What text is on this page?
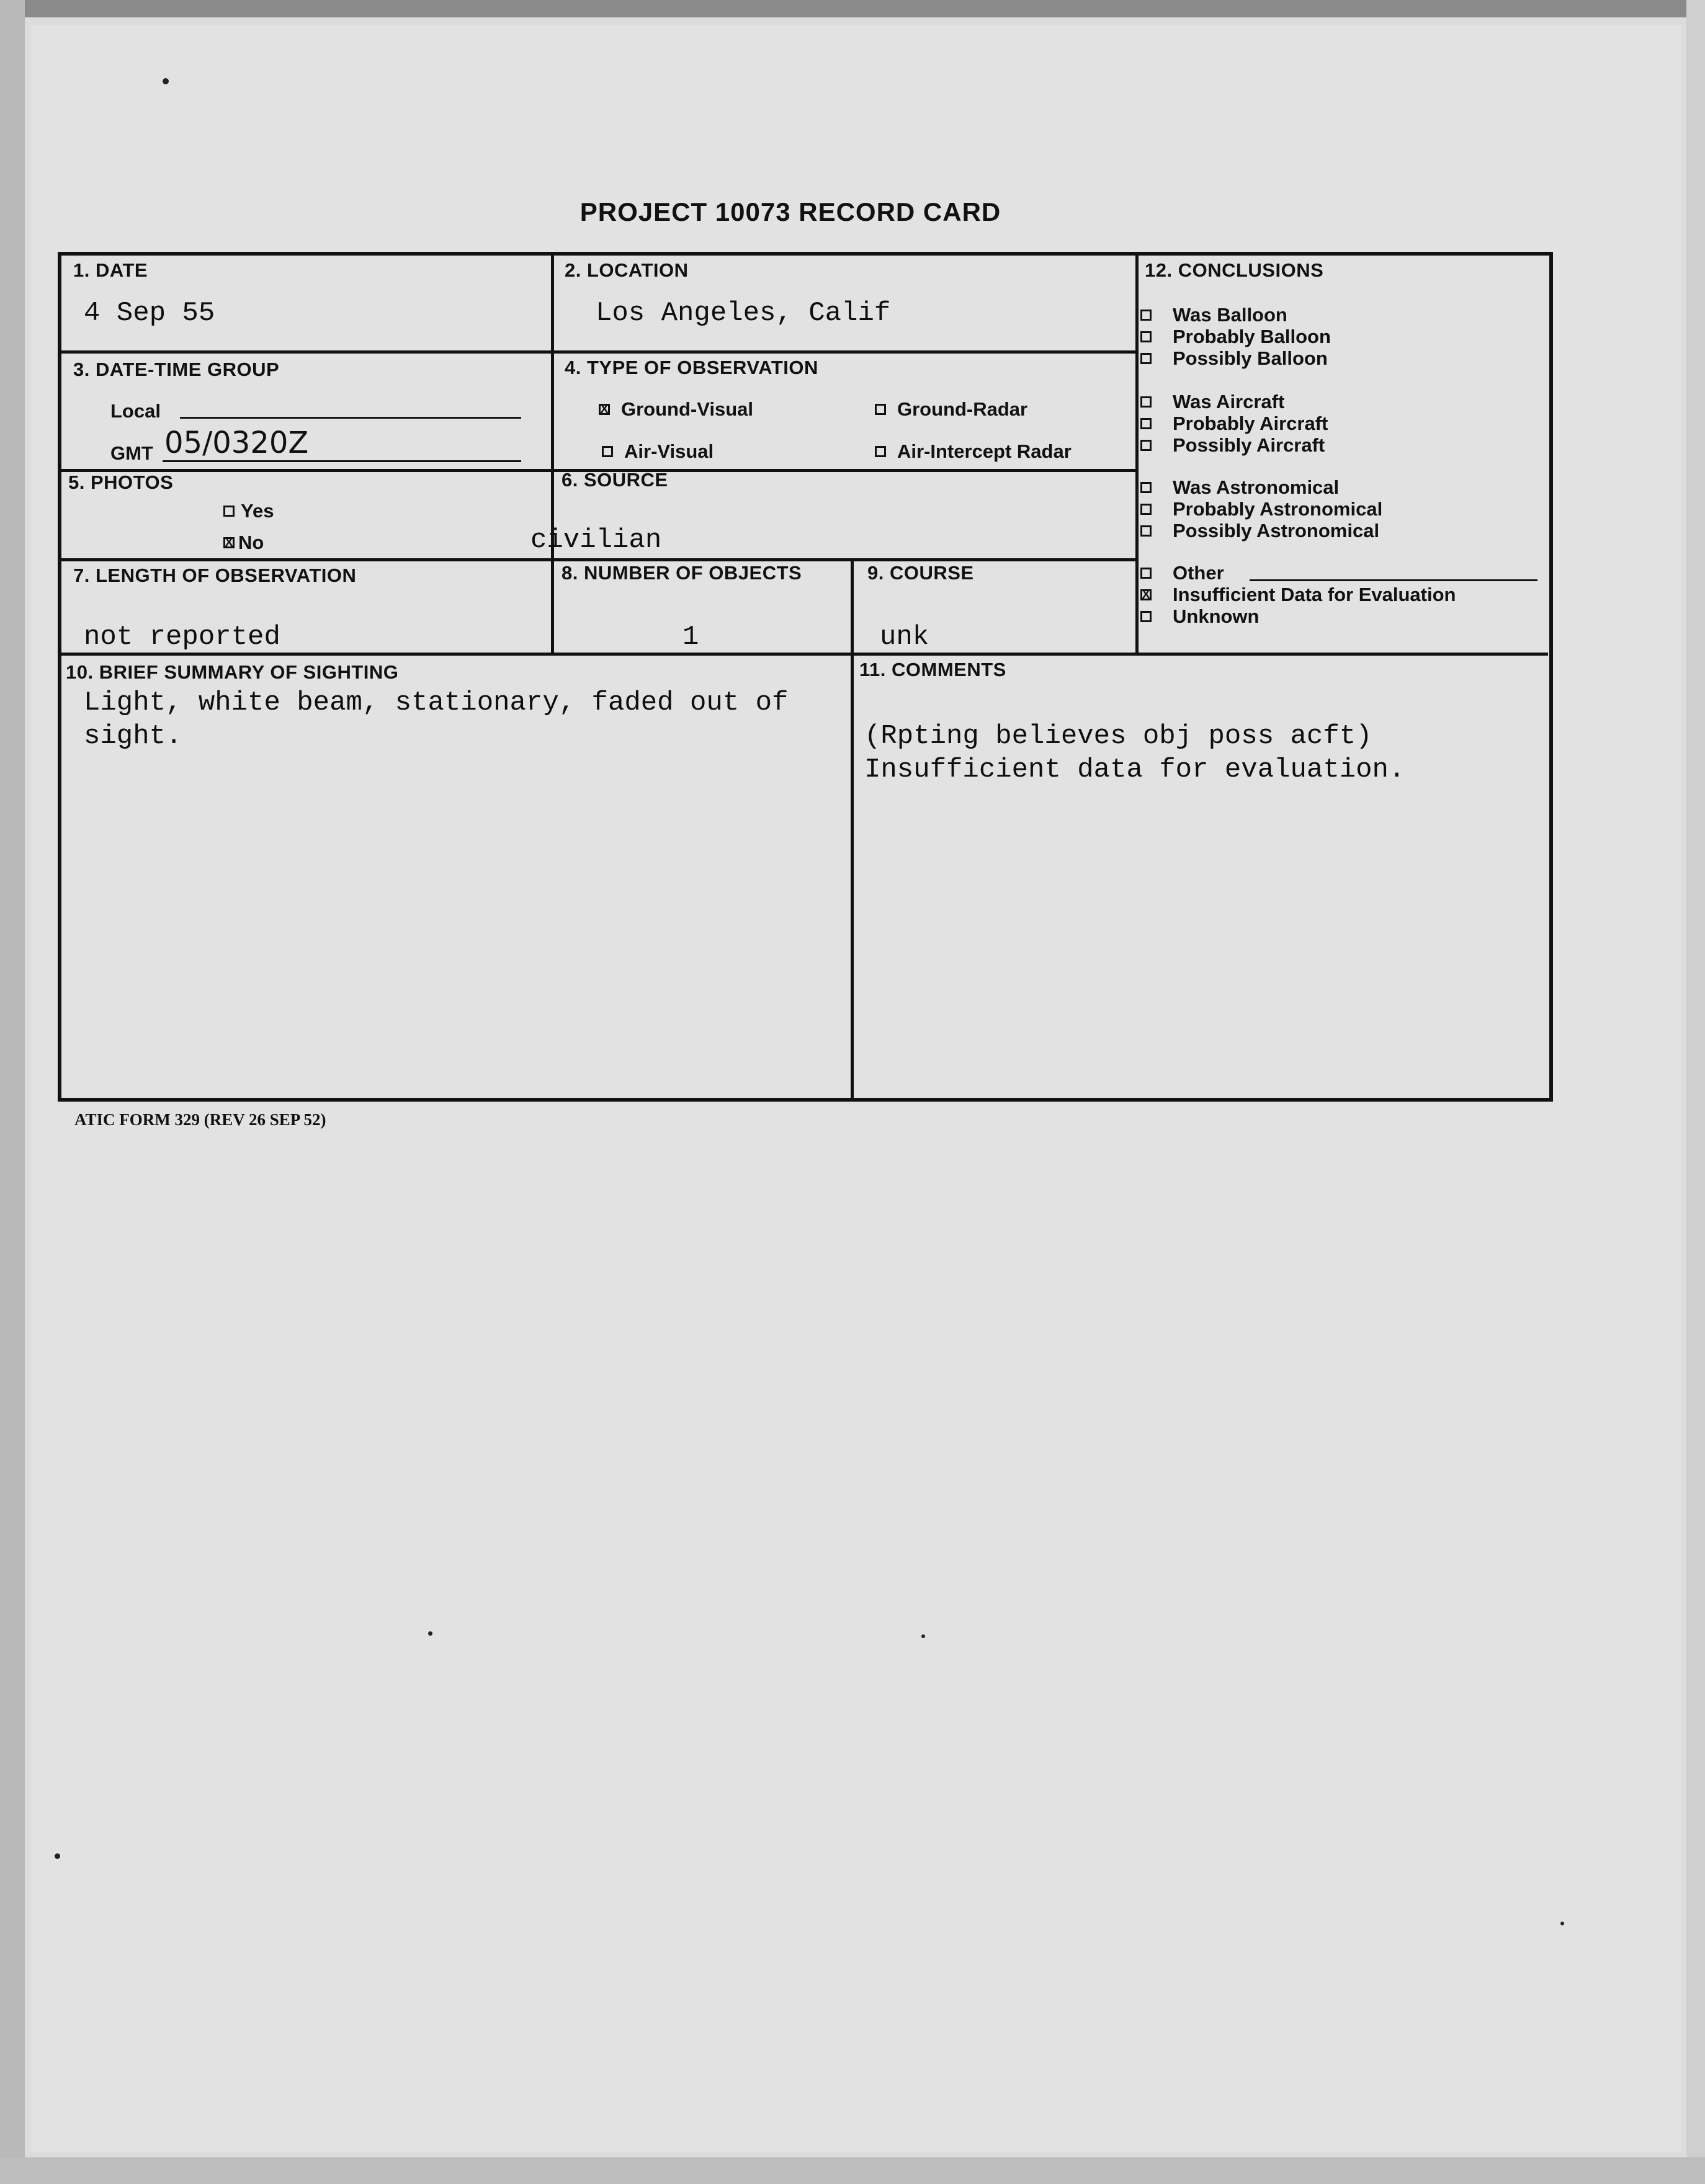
PROJECT 10073 RECORD CARD
1. DATE
4 Sep 55
2. LOCATION
Los Angeles, Calif
3. DATE-TIME GROUP
Local
GMT 05/0320Z
4. TYPE OF OBSERVATION
X Ground-Visual	Ground-Radar
Air-Visual	Air-Intercept Radar
5. PHOTOS
Yes
X No
6. SOURCE
civilian
7. LENGTH OF OBSERVATION
not reported
8. NUMBER OF OBJECTS
1
9. COURSE
unk
10. BRIEF SUMMARY OF SIGHTING
Light, white beam, stationary, faded out of
sight.
11. COMMENTS
(Rpting believes obj poss acft)
Insufficient data for evaluation.
12. CONCLUSIONS
Was Balloon
Probably Balloon
Possibly Balloon
Was Aircraft
Probably Aircraft
Possibly Aircraft
Was Astronomical
Probably Astronomical
Possibly Astronomical
Other
X Insufficient Data for Evaluation
Unknown
ATIC FORM 329 (REV 26 SEP 52)
